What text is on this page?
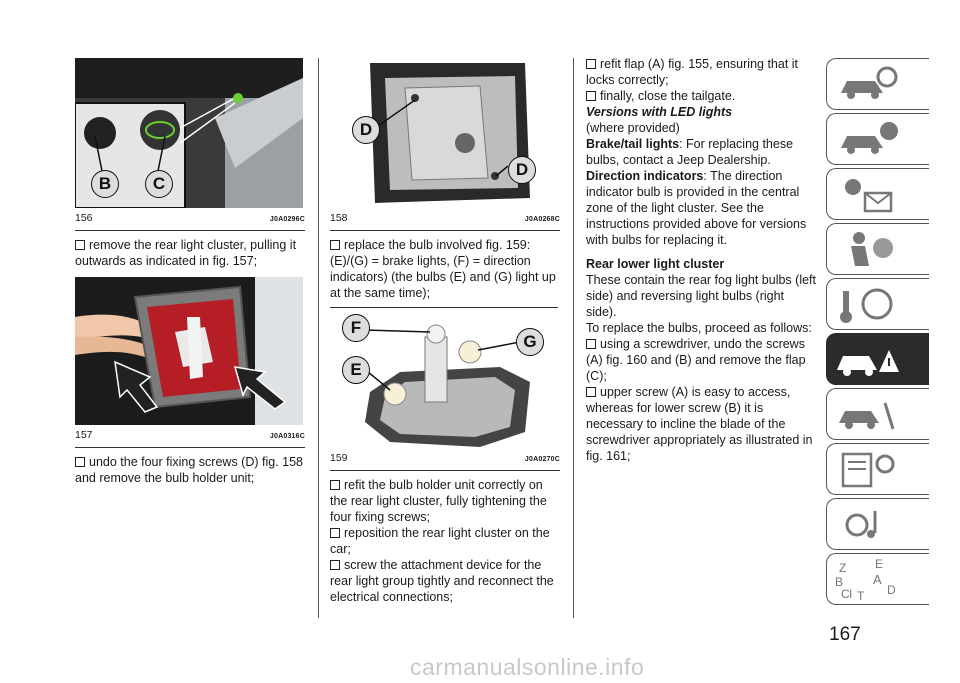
B	C
156	J0A0296C

remove the rear light cluster, pulling it outwards as indicated in fig. 157;

157	J0A0316C

undo the four fixing screws (D) fig. 158 and remove the bulb holder unit;

D
D
158	J0A0268C

replace the bulb involved fig. 159: (E)/(G) = brake lights, (F) = direction indicators) (the bulbs (E) and (G) light up at the same time);

F
G
E
159	J0A0270C

refit the bulb holder unit correctly on the rear light cluster, fully tightening the four fixing screws;

reposition the rear light cluster on the car;

screw the attachment device for the rear light group tightly and reconnect the electrical connections;

refit flap (A) fig. 155, ensuring that it locks correctly;

finally, close the tailgate.

Versions with LED lights

(where provided)

Brake/tail lights: For replacing these bulbs, contact a Jeep Dealership.

Direction indicators: The direction indicator bulb is provided in the central zone of the light cluster. See the instructions provided above for versions with bulbs for replacing it.

Rear lower light cluster

These contain the rear fog light bulbs (left side) and reversing light bulbs (right side).

To replace the bulbs, proceed as follows:

using a screwdriver, undo the screws (A) fig. 160 and (B) and remove the flap (C);

upper screw (A) is easy to access, whereas for lower screw (B) it is necessary to incline the blade of the screwdriver appropriately as illustrated in fig. 161;

Z E
B A
I
C T D
167
carmanualsonline.info
